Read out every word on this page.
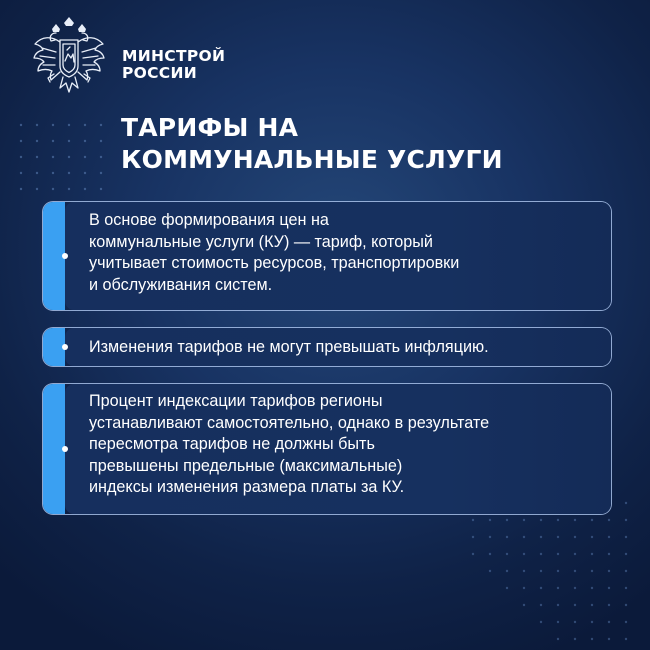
МИНСТРОЙ
РОССИИ
ТАРИФЫ НА
КОММУНАЛЬНЫЕ УСЛУГИ
В основе формирования цен на
коммунальные услуги (КУ) — тариф, который
учитывает стоимость ресурсов, транспортировки
и обслуживания систем.
Изменения тарифов не могут превышать инфляцию.
Процент индексации тарифов регионы
устанавливают самостоятельно, однако в результате
пересмотра тарифов не должны быть
превышены предельные (максимальные)
индексы изменения размера платы за КУ.
